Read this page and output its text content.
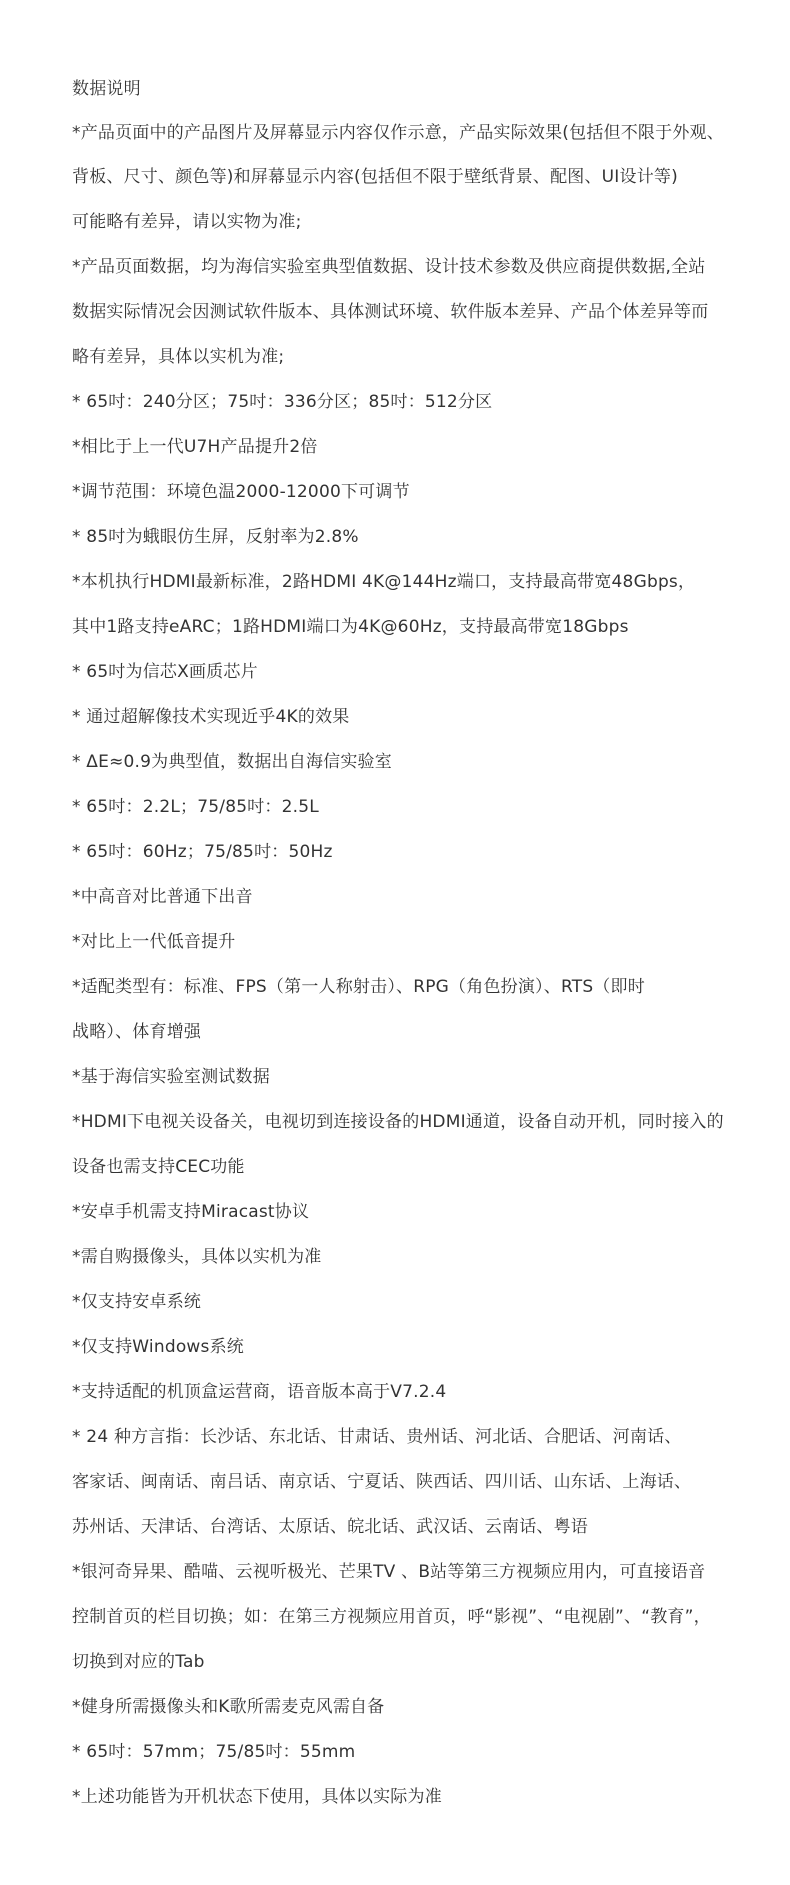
数据说明
*产品页面中的产品图片及屏幕显示内容仅作示意，产品实际效果(包括但不限于外观、
背板、尺寸、颜色等)和屏幕显示内容(包括但不限于壁纸背景、配图、UI设计等)
可能略有差异，请以实物为准;
*产品页面数据，均为海信实验室典型值数据、设计技术参数及供应商提供数据,全站
数据实际情况会因测试软件版本、具体测试环境、软件版本差异、产品个体差异等而
略有差异，具体以实机为准;
* 65吋：240分区；75吋：336分区；85吋：512分区
*相比于上一代U7H产品提升2倍
*调节范围：环境色温2000-12000下可调节
* 85吋为蛾眼仿生屏，反射率为2.8%
*本机执行HDMI最新标准，2路HDMI 4K@144Hz端口，支持最高带宽48Gbps，
其中1路支持eARC；1路HDMI端口为4K@60Hz，支持最高带宽18Gbps
* 65吋为信芯X画质芯片
* 通过超解像技术实现近乎4K的效果
* ΔE≈0.9为典型值，数据出自海信实验室
* 65吋：2.2L；75/85吋：2.5L
* 65吋：60Hz；75/85吋：50Hz
*中高音对比普通下出音
*对比上一代低音提升
*适配类型有：标准、FPS（第一人称射击）、RPG（角色扮演）、RTS（即时
战略）、体育增强
*基于海信实验室测试数据
*HDMI下电视关设备关，电视切到连接设备的HDMI通道，设备自动开机，同时接入的
设备也需支持CEC功能
*安卓手机需支持Miracast协议
*需自购摄像头，具体以实机为准
*仅支持安卓系统
*仅支持Windows系统
*支持适配的机顶盒运营商，语音版本高于V7.2.4
* 24 种方言指：长沙话、东北话、甘肃话、贵州话、河北话、合肥话、河南话、
客家话、闽南话、南吕话、南京话、宁夏话、陕西话、四川话、山东话、上海话、
苏州话、天津话、台湾话、太原话、皖北话、武汉话、云南话、粤语
*银河奇异果、酷喵、云视听极光、芒果TV 、B站等第三方视频应用内，可直接语音
控制首页的栏目切换；如：在第三方视频应用首页，呼“影视”、“电视剧”、“教育”，
切换到对应的Tab
*健身所需摄像头和K歌所需麦克风需自备
* 65吋：57mm；75/85吋：55mm
*上述功能皆为开机状态下使用，具体以实际为准
